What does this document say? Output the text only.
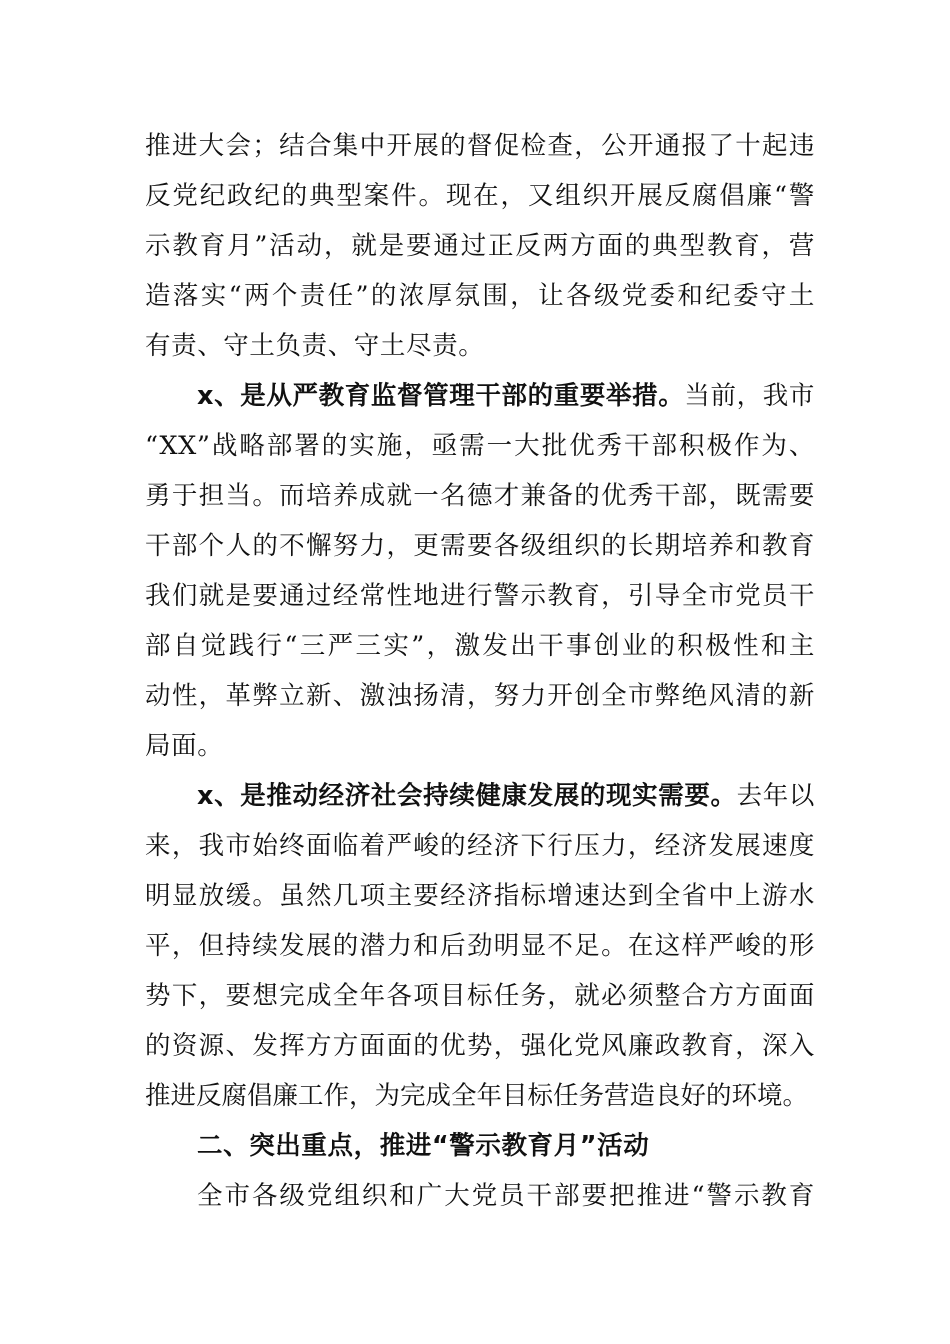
推进大会；结合集中开展的督促检查，公开通报了十起违
反党纪政纪的典型案件。现在，又组织开展反腐倡廉“警
示教育月”活动，就是要通过正反两方面的典型教育，营
造落实“两个责任”的浓厚氛围，让各级党委和纪委守土
有责、守土负责、守土尽责。
x、是从严教育监督管理干部的重要举措。当前，我市
“XX”战略部署的实施，亟需一大批优秀干部积极作为、
勇于担当。而培养成就一名德才兼备的优秀干部，既需要
干部个人的不懈努力，更需要各级组织的长期培养和教育
我们就是要通过经常性地进行警示教育，引导全市党员干
部自觉践行“三严三实”，激发出干事创业的积极性和主
动性，革弊立新、激浊扬清，努力开创全市弊绝风清的新
局面。
x、是推动经济社会持续健康发展的现实需要。去年以
来，我市始终面临着严峻的经济下行压力，经济发展速度
明显放缓。虽然几项主要经济指标增速达到全省中上游水
平，但持续发展的潜力和后劲明显不足。在这样严峻的形
势下，要想完成全年各项目标任务，就必须整合方方面面
的资源、发挥方方面面的优势，强化党风廉政教育，深入
推进反腐倡廉工作，为完成全年目标任务营造良好的环境。
二、突出重点，推进“警示教育月”活动
全市各级党组织和广大党员干部要把推进“警示教育
